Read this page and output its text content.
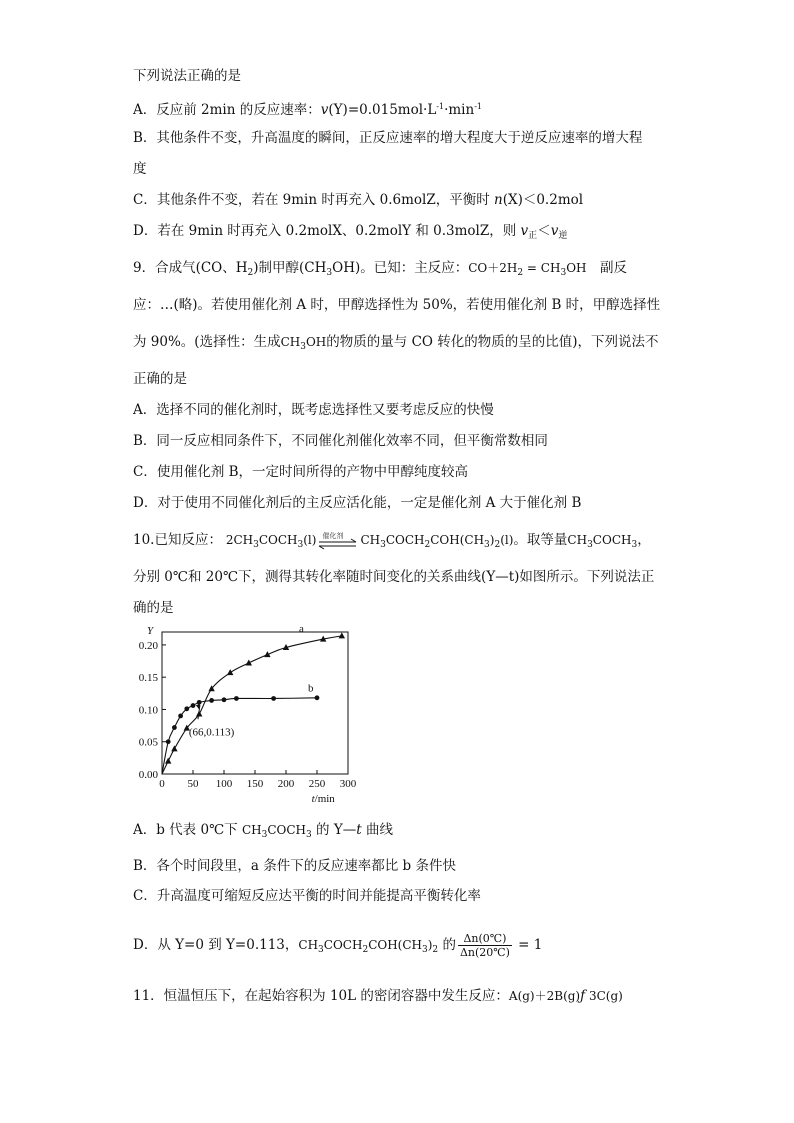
下列说法正确的是
A．反应前 2min 的反应速率：$v(Y)=0.015mol\cdot L^{-1}\cdot\min^{-1}$
B．其他条件不变，升高温度的瞬间，正反应速率的增大程度大于逆反应速率的增大程
度
C．其他条件不变，若在 9min 时再充入 0.6molZ，平衡时 n(X)＜0.2mol
D．若在 9min 时再充入 0.2molX、0.2molY 和 0.3molZ，则 $v_正<v_逆$
9．合成气(CO、$H_2$)制甲醇$(CH_3OH)$。已知：主反应：$CO+2H_2 = CH_3OH$　副反
应：…(略)。若使用催化剂 A 时，甲醇选择性为 50%，若使用催化剂 B 时，甲醇选择性
为 90%。(选择性：生成$CH_3OH$的物质的量与 CO 转化的物质的呈的比值)，下列说法不
正确的是
A．选择不同的催化剂时，既考虑选择性又要考虑反应的快慢
B．同一反应相同条件下，不同催化剂催化效率不同，但平衡常数相同
C．使用催化剂 B，一定时间所得的产物中甲醇纯度较高
D．对于使用不同催化剂后的主反应活化能，一定是催化剂 A 大于催化剂 B
10.已知反应： $2CH_3COCH_3(l)$ 催化剂 $CH_3COCH_2COH(CH_3)_2(l)$。取等量$CH_3COCH_3$，
分别 0℃和 20℃下，测得其转化率随时间变化的关系曲线(Y—t)如图所示。下列说法正
确的是
0 50 100 150 200 250 300
0.00
0.05
0.10
0.15
0.20
Y
t/min
a
b
(66,0.113)
A．b 代表 0℃下 $CH_3COCH_3$ 的 Y—t 曲线
B．各个时间段里，a 条件下的反应速率都比 b 条件快
C．升高温度可缩短反应达平衡的时间并能提高平衡转化率
D．从 Y=0 到 Y=0.113，$CH_3COCH_2COH(CH_3)_2$ 的 $\frac{\Delta n(0℃)}{\Delta n(20℃)} = 1$
11．恒温恒压下，在起始容积为 10L 的密闭容器中发生反应：A(g)＋2B(g)ƒ 3C(g)
